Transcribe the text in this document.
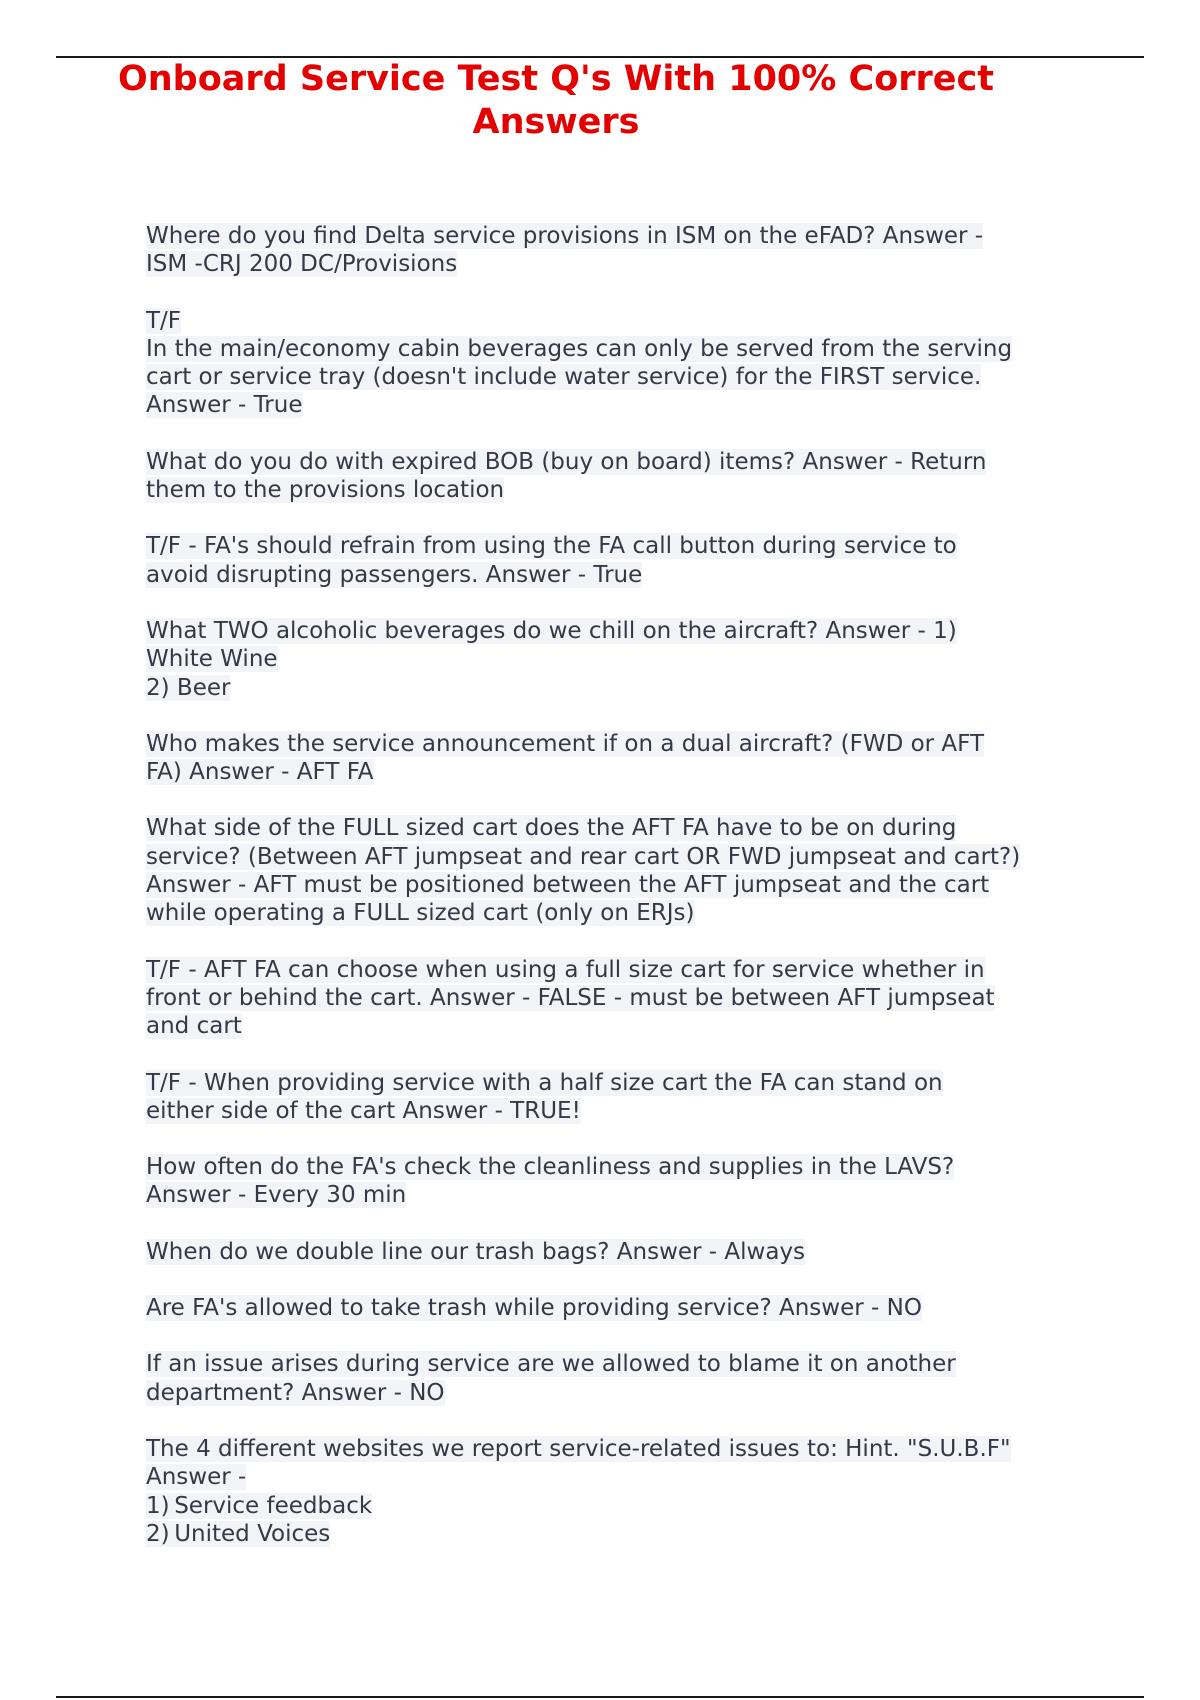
Onboard Service Test Q's With 100% Correct
Answers
Where do you find Delta service provisions in ISM on the eFAD? Answer -
ISM -CRJ 200 DC/Provisions
T/F
In the main/economy cabin beverages can only be served from the serving
cart or service tray (doesn't include water service) for the FIRST service.
Answer - True
What do you do with expired BOB (buy on board) items? Answer - Return
them to the provisions location
T/F - FA's should refrain from using the FA call button during service to
avoid disrupting passengers. Answer - True
What TWO alcoholic beverages do we chill on the aircraft? Answer - 1)
White Wine
2) Beer
Who makes the service announcement if on a dual aircraft? (FWD or AFT
FA) Answer - AFT FA
What side of the FULL sized cart does the AFT FA have to be on during
service? (Between AFT jumpseat and rear cart OR FWD jumpseat and cart?)
Answer - AFT must be positioned between the AFT jumpseat and the cart
while operating a FULL sized cart (only on ERJs)
T/F - AFT FA can choose when using a full size cart for service whether in
front or behind the cart. Answer - FALSE - must be between AFT jumpseat
and cart
T/F - When providing service with a half size cart the FA can stand on
either side of the cart Answer - TRUE!
How often do the FA's check the cleanliness and supplies in the LAVS?
Answer - Every 30 min
When do we double line our trash bags? Answer - Always
Are FA's allowed to take trash while providing service? Answer - NO
If an issue arises during service are we allowed to blame it on another
department? Answer - NO
The 4 different websites we report service-related issues to: Hint. "S.U.B.F"
Answer -
1) Service feedback
2) United Voices
